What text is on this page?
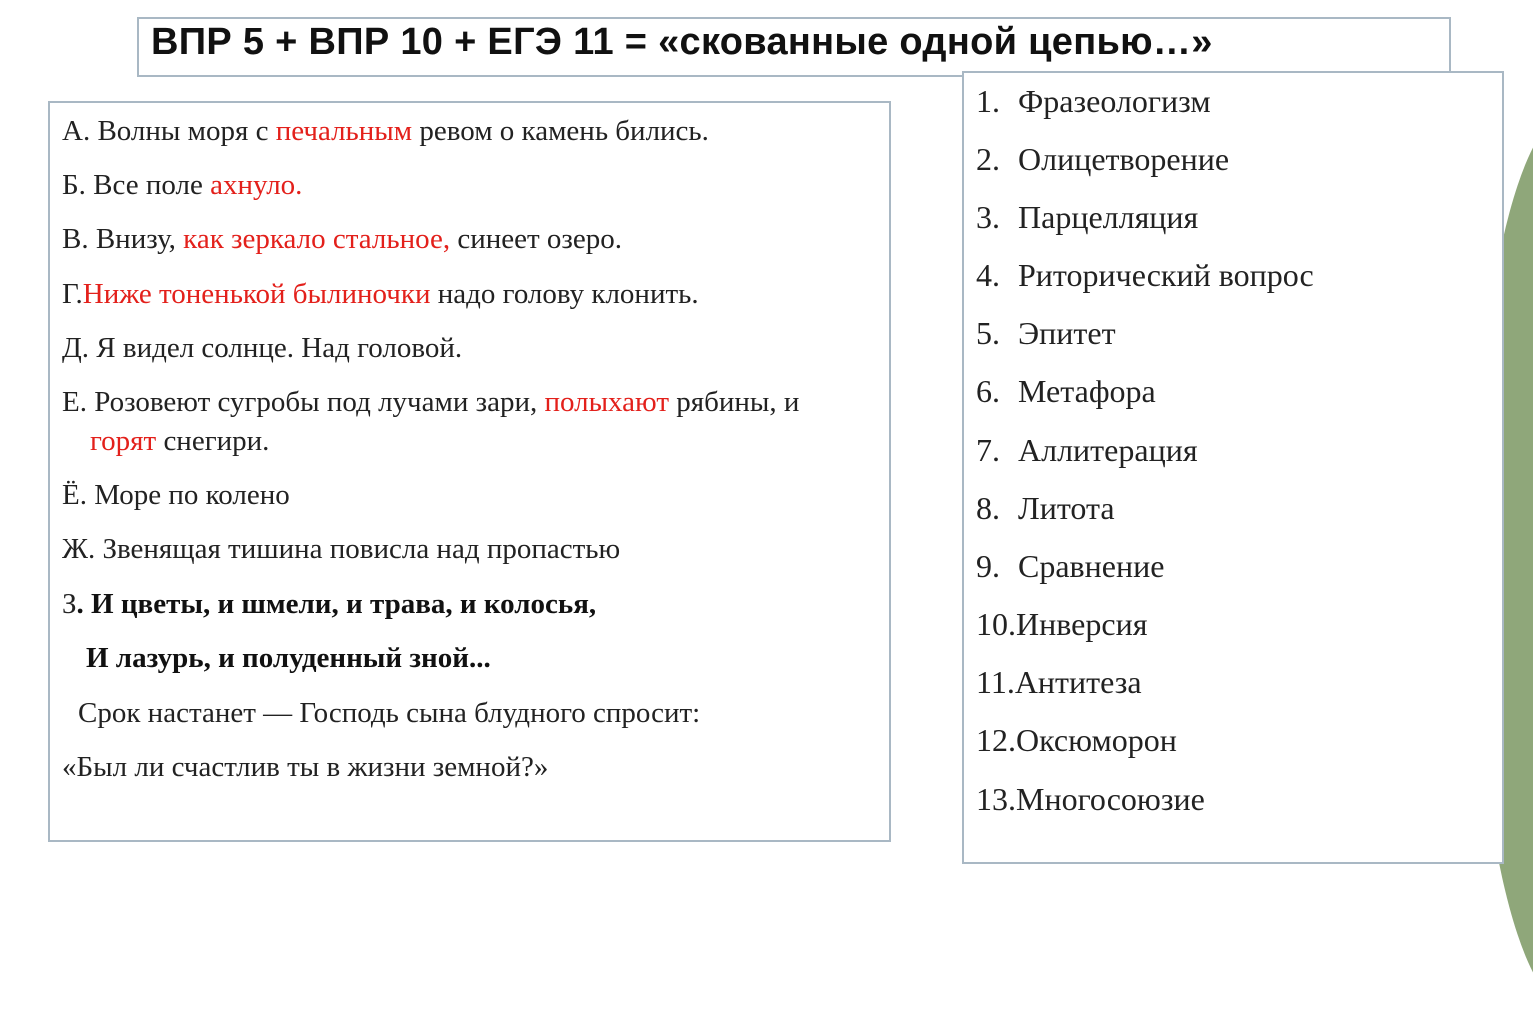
ВПР 5 + ВПР 10 + ЕГЭ 11 = «скованные одной цепью…»
А. Волны моря с печальным ревом о камень бились.
Б. Все поле ахнуло.
В. Внизу, как зеркало стальное, синеет озеро.
Г.Ниже тоненькой былиночки надо голову клонить.
Д. Я видел солнце. Над головой.
Е. Розовеют сугробы под лучами зари, полыхают рябины, и
горят снегири.
Ё. Море по колено
Ж. Звенящая тишина повисла над пропастью
З. И цветы, и шмели, и трава, и колосья,
И лазурь, и полуденный зной...
Срок настанет — Господь сына блудного спросит:
«Был ли счастлив ты в жизни земной?»
1. Фразеологизм
2. Олицетворение
3. Парцелляция
4. Риторический вопрос
5. Эпитет
6. Метафора
7. Аллитерация
8. Литота
9. Сравнение
10.Инверсия
11.Антитеза
12.Оксюморон
13.Многосоюзие
